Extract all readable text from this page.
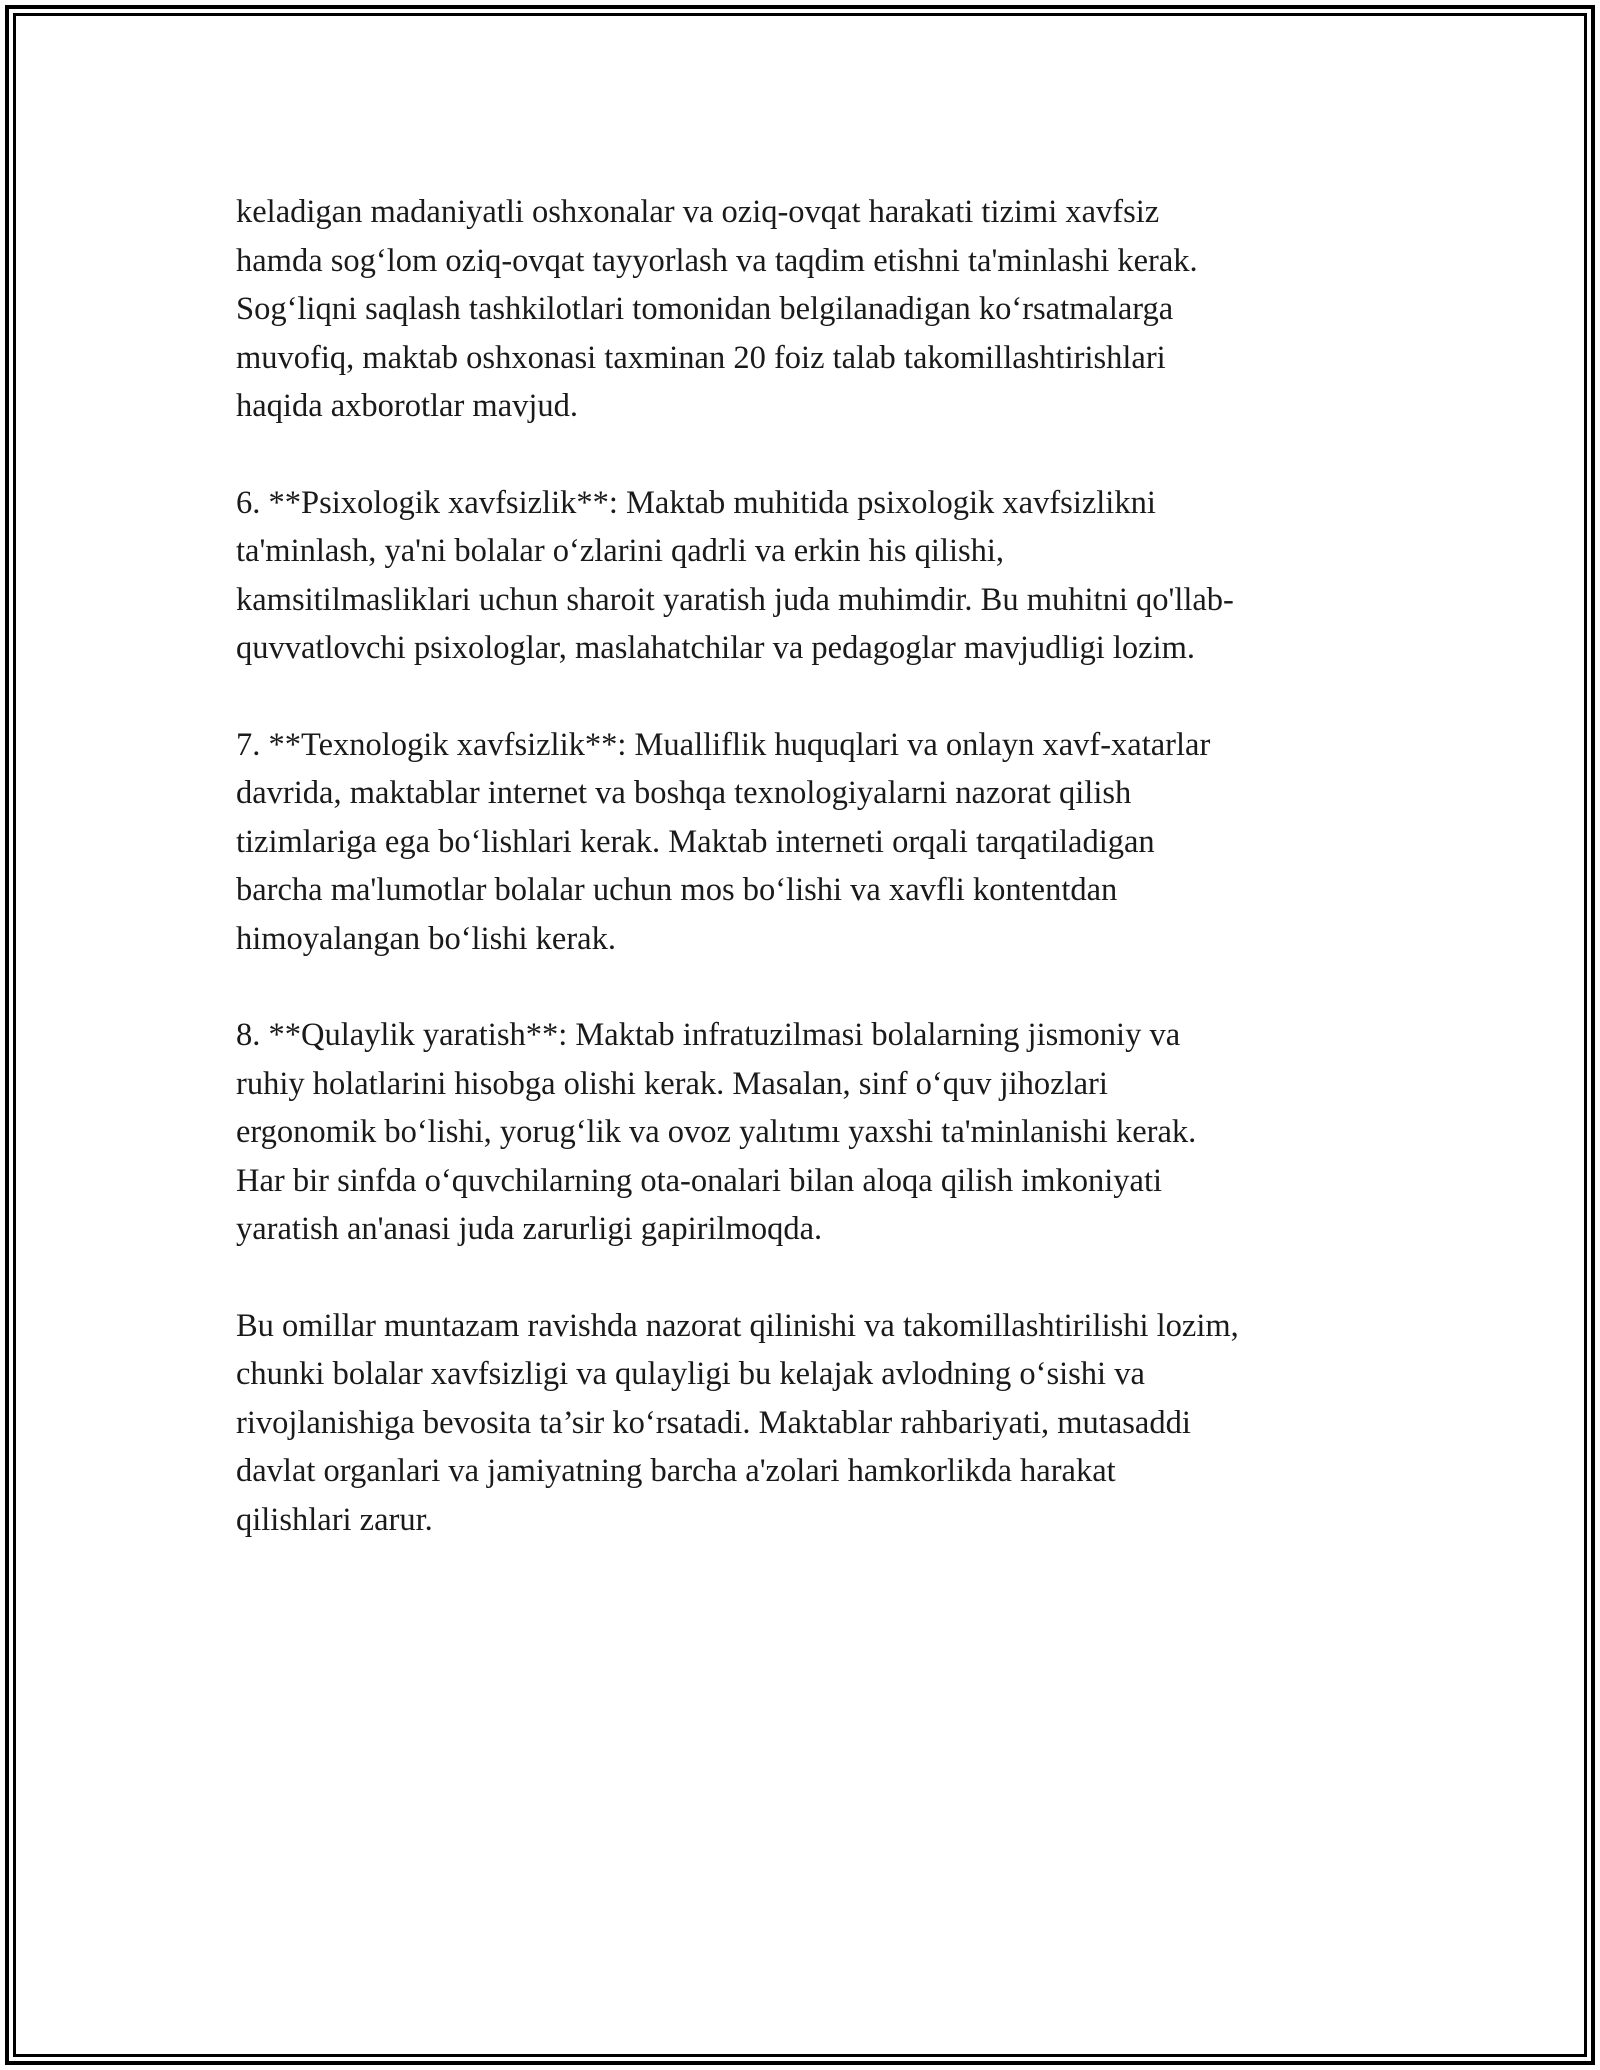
keladigan madaniyatli oshxonalar va oziq-ovqat harakati tizimi xavfsiz
hamda sog‘lom oziq-ovqat tayyorlash va taqdim etishni ta'minlashi kerak.
Sog‘liqni saqlash tashkilotlari tomonidan belgilanadigan ko‘rsatmalarga
muvofiq, maktab oshxonasi taxminan 20 foiz talab takomillashtirishlari
haqida axborotlar mavjud.

6. **Psixologik xavfsizlik**: Maktab muhitida psixologik xavfsizlikni
ta'minlash, ya'ni bolalar o‘zlarini qadrli va erkin his qilishi,
kamsitilmasliklari uchun sharoit yaratish juda muhimdir. Bu muhitni qo'llab-
quvvatlovchi psixologlar, maslahatchilar va pedagoglar mavjudligi lozim.

7. **Texnologik xavfsizlik**: Mualliflik huquqlari va onlayn xavf-xatarlar
davrida, maktablar internet va boshqa texnologiyalarni nazorat qilish
tizimlariga ega bo‘lishlari kerak. Maktab interneti orqali tarqatiladigan
barcha ma'lumotlar bolalar uchun mos bo‘lishi va xavfli kontentdan
himoyalangan bo‘lishi kerak.

8. **Qulaylik yaratish**: Maktab infratuzilmasi bolalarning jismoniy va
ruhiy holatlarini hisobga olishi kerak. Masalan, sinf o‘quv jihozlari
ergonomik bo‘lishi, yorug‘lik va ovoz yalıtımı yaxshi ta'minlanishi kerak.
Har bir sinfda o‘quvchilarning ota-onalari bilan aloqa qilish imkoniyati
yaratish an'anasi juda zarurligi gapirilmoqda.

Bu omillar muntazam ravishda nazorat qilinishi va takomillashtirilishi lozim,
chunki bolalar xavfsizligi va qulayligi bu kelajak avlodning o‘sishi va
rivojlanishiga bevosita ta’sir ko‘rsatadi. Maktablar rahbariyati, mutasaddi
davlat organlari va jamiyatning barcha a'zolari hamkorlikda harakat
qilishlari zarur.
